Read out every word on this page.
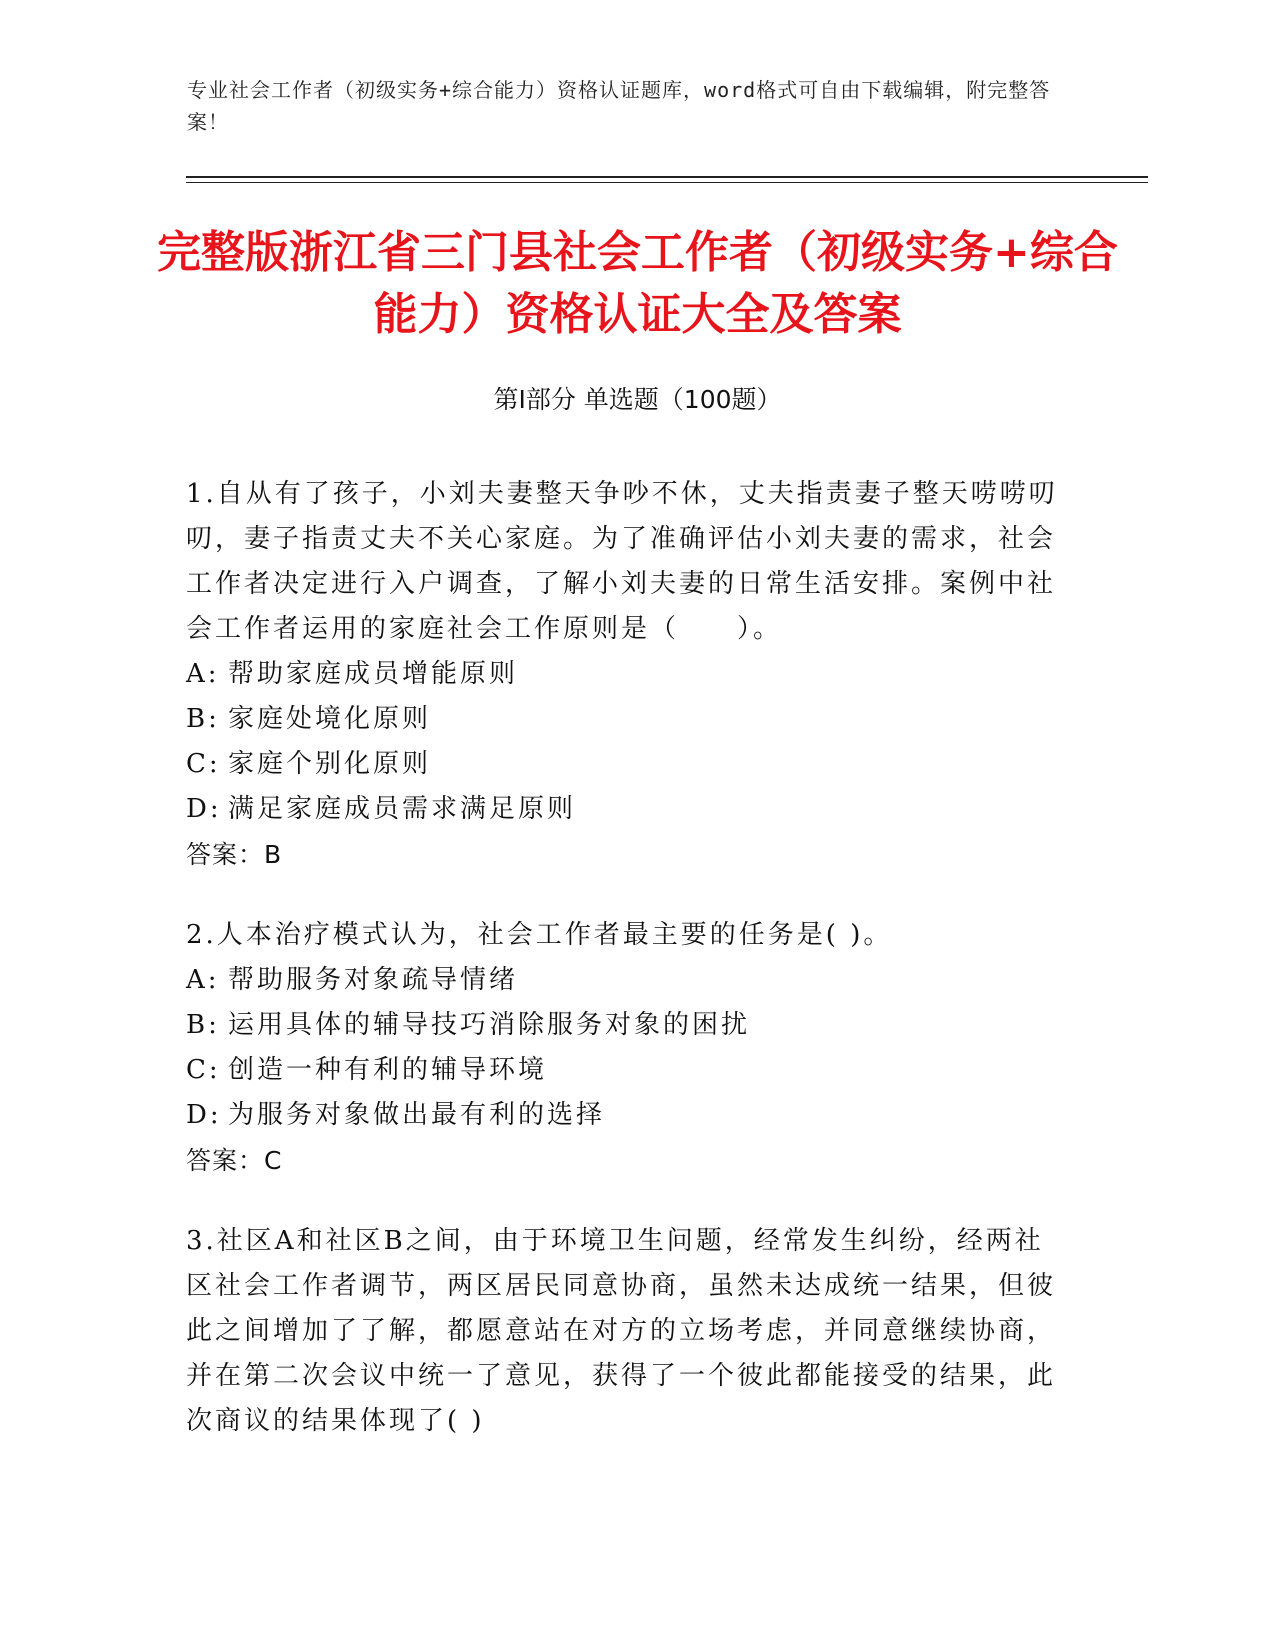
专业社会工作者（初级实务+综合能力）资格认证题库，word格式可自由下载编辑，附完整答案！
完整版浙江省三门县社会工作者（初级实务+综合能力）资格认证大全及答案
第Ⅰ部分 单选题（100题）
1.自从有了孩子，小刘夫妻整天争吵不休，丈夫指责妻子整天唠唠叨叨，妻子指责丈夫不关心家庭。为了准确评估小刘夫妻的需求，社会工作者决定进行入户调查，了解小刘夫妻的日常生活安排。案例中社会工作者运用的家庭社会工作原则是（　　）。
A: 帮助家庭成员增能原则
B: 家庭处境化原则
C: 家庭个别化原则
D: 满足家庭成员需求满足原则
答案：B
2.人本治疗模式认为，社会工作者最主要的任务是( )。
A: 帮助服务对象疏导情绪
B: 运用具体的辅导技巧消除服务对象的困扰
C: 创造一种有利的辅导环境
D: 为服务对象做出最有利的选择
答案：C
3.社区A和社区B之间，由于环境卫生问题，经常发生纠纷，经两社区社会工作者调节，两区居民同意协商，虽然未达成统一结果，但彼此之间增加了了解，都愿意站在对方的立场考虑，并同意继续协商，并在第二次会议中统一了意见，获得了一个彼此都能接受的结果，此次商议的结果体现了( )
